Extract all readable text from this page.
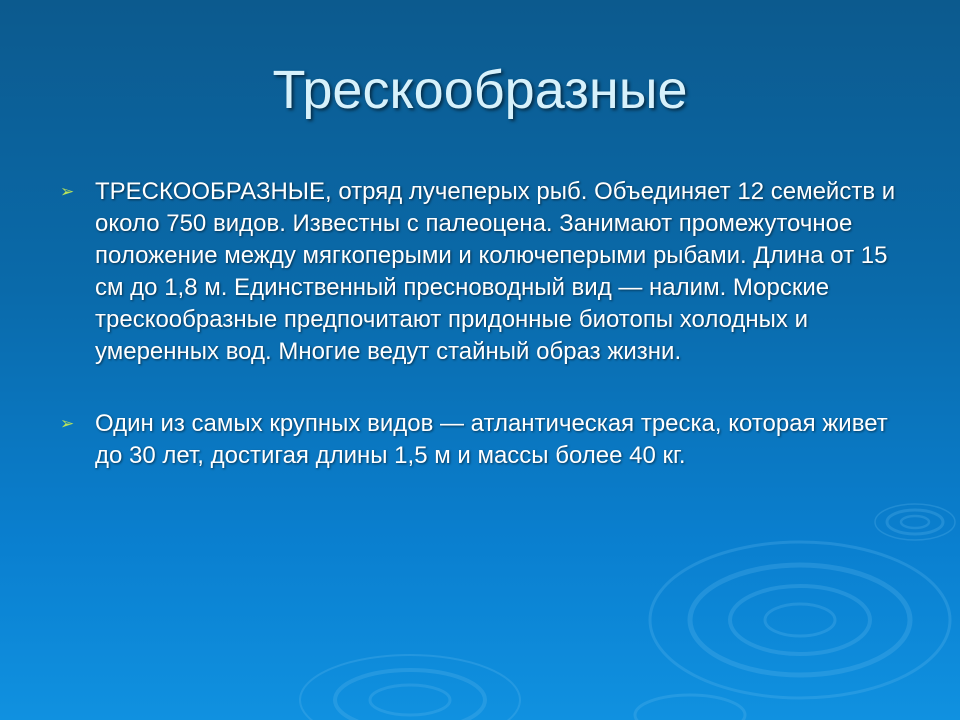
Трескообразные
➢ ТРЕСКООБРАЗНЫЕ, отряд лучеперых рыб. Объединяет 12 семейств и около 750 видов. Известны с палеоцена. Занимают промежуточное положение между мягкоперыми и колючеперыми рыбами. Длина от 15 см до 1,8 м. Единственный пресноводный вид — налим. Морские трескообразные предпочитают придонные биотопы холодных и умеренных вод. Многие ведут стайный образ жизни.
➢ Один из самых крупных видов — атлантическая треска, которая живет до 30 лет, достигая длины 1,5 м и массы более 40 кг.
